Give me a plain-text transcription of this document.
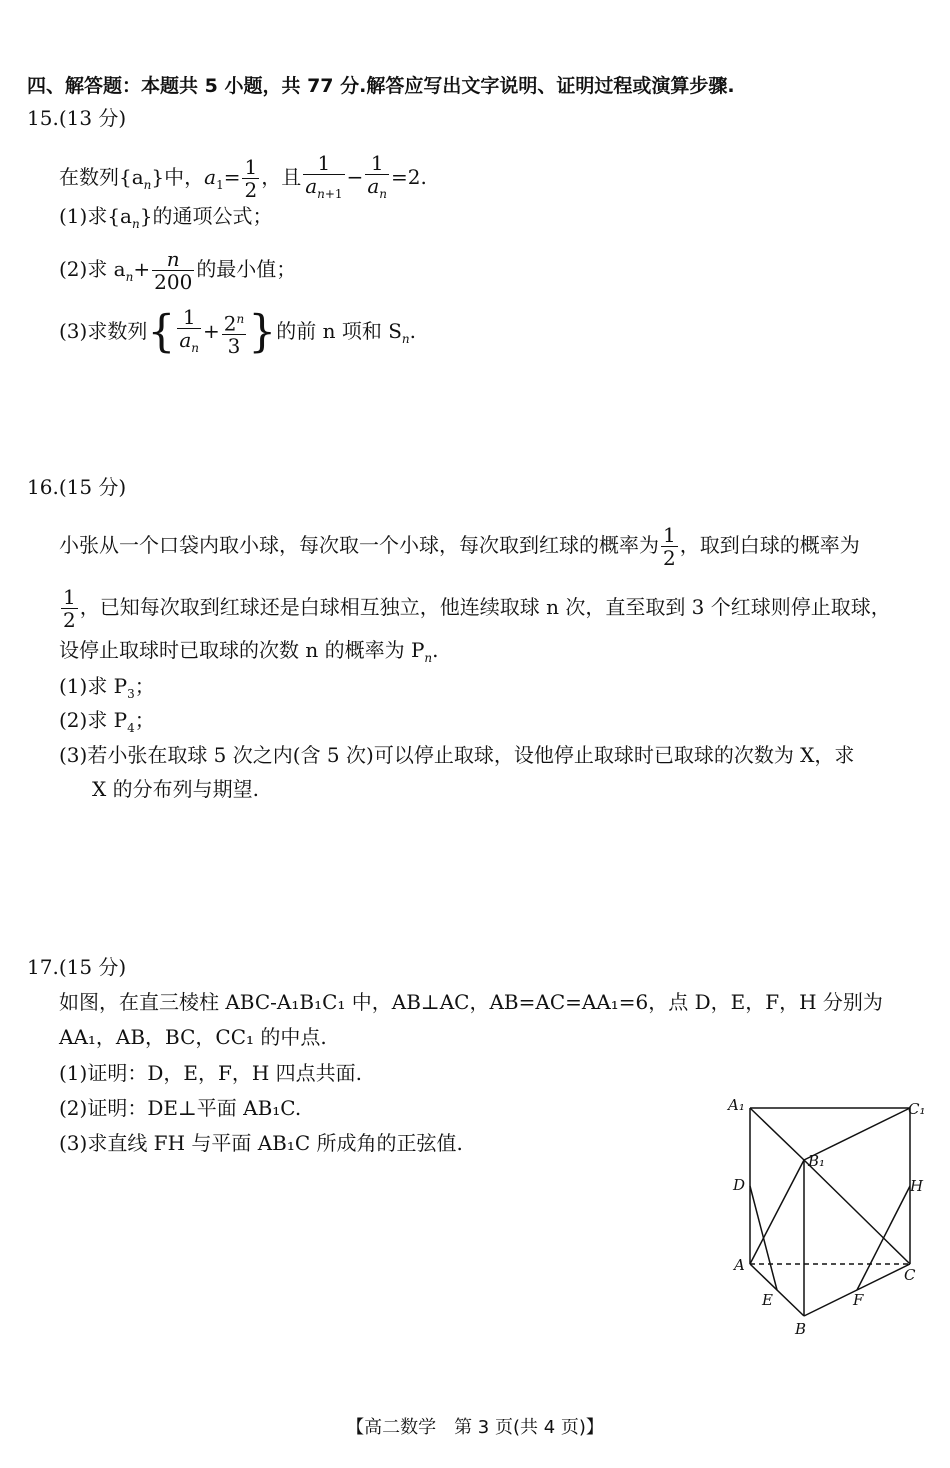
四、解答题：本题共 5 小题，共 77 分.解答应写出文字说明、证明过程或演算步骤.
15.(13 分)
在数列$\{a_n\}$中，$a_1= \frac{1}{2}$ ，且 $\frac{1}{a_{n+1}} - \frac{1}{a_n} =2$.
(1)求$\{a_n\}$的通项公式；
(2)求 $a_n+ \frac{n}{200}$ 的最小值；
(3)求数列{ $\frac{1}{a_n} + \frac{2^n}{3}$ }的前 n 项和 $S_n$.
16.(15 分)
小张从一个口袋内取小球，每次取一个小球，每次取到红球的概率为 $\frac{1}{2}$ ，取到白球的概率为
$\frac{1}{2}$ ，已知每次取到红球还是白球相互独立，他连续取球 n 次，直至取到 3 个红球则停止取球，
设停止取球时已取球的次数 n 的概率为 $P_n$.
(1)求 $P_3$；
(2)求 $P_4$；
(3)若小张在取球 5 次之内(含 5 次)可以停止取球，设他停止取球时已取球的次数为 X，求
X 的分布列与期望.
17.(15 分)
如图，在直三棱柱 ABC-A₁B₁C₁ 中，AB⊥AC，AB=AC=AA₁=6，点 D，E，F，H 分别为
AA₁，AB，BC，CC₁ 的中点.
(1)证明：D，E，F，H 四点共面.
(2)证明：DE⊥平面 AB₁C.
(3)求直线 FH 与平面 AB₁C 所成角的正弦值.
A₁	C₁
B₁
D	H
A
C
E	F
B
【高二数学　第 3 页(共 4 页)】
